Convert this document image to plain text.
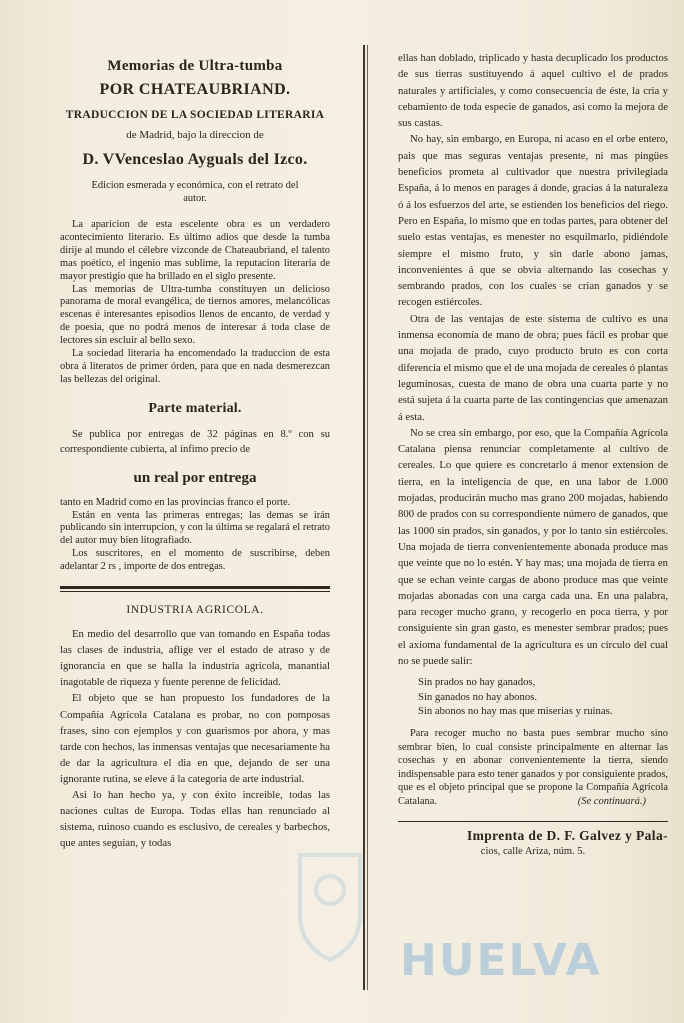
Memorias de Ultra-tumba
POR CHATEAUBRIAND.
TRADUCCION DE LA SOCIEDAD LITERARIA
de Madrid, bajo la direccion de
D. VVenceslao Ayguals del Izco.
Edicion esmerada y económica, con el retrato del autor.

La aparicion de esta escelente obra es un verdadero acontecimiento literario. Es último adios que desde la tumba dirije al mundo el célebre vizconde de Chateaubriand, el talento mas poético, el ingenio mas sublime, la reputacion literaria de mayor prestigio que ha brillado en el siglo presente.

Las memorias de Ultra-tumba constituyen un delicioso panorama de moral evangélica, de tiernos amores, melancólicas escenas é interesantes episodios llenos de encanto, de verdad y de poesia, que no podrá menos de interesar á toda clase de lectores sin escluir al bello sexo.

La sociedad literaria ha encomendado la traduccion de esta obra á literatos de primer órden, para que en nada desmerezcan las bellezas del original.

Parte material.

Se publica por entregas de 32 páginas en 8.º con su correspondiente cubierta, al ínfimo precio de

un real por entrega

tanto en Madrid como en las provincias franco el porte.

Están en venta las primeras entregas; las demas se irán publicando sin interrupcion, y con la última se regalará el retrato del autor muy bien litografiado.

Los suscritores, en el momento de suscribirse, deben adelantar 2 rs , importe de dos entregas.

INDUSTRIA AGRICOLA.

En medio del desarrollo que van tomando en España todas las clases de industria, aflige ver el estado de atraso y de ignorancia en que se halla la industria agrícola, manantial inagotable de riqueza y fuente perenne de felicidad.

El objeto que se han propuesto los fundadores de la Compañía Agrícola Catalana es probar, no con pomposas frases, sino con ejemplos y con guarismos por ahora, y mas tarde con hechos, las inmensas ventajas que necesariamente ha de dar la agricultura el dia en que, dejando de ser una ignorante rutina, se eleve á la categoria de arte industrial.

Asi lo han hecho ya, y con éxito increible, todas las naciones cultas de Europa. Todas ellas han renunciado al sistema, ruinoso cuando es esclusivo, de cereales y barbechos, que antes seguian, y todas

ellas han doblado, triplicado y hasta decuplicado los productos de sus tierras sustituyendo á aquel cultivo el de prados naturales y artificiales, y como consecuencia de éste, la cria y cebamiento de toda especie de ganados, asi como la mejora de sus castas.

No hay, sin embargo, en Europa, ni acaso en el orbe entero, pais que mas seguras ventajas presente, ni mas pingües beneficios prometa al cultivador que nuestra privilegiada España, á lo menos en parages á donde, gracias á la naturaleza ó á los esfuerzos del arte, se estienden los beneficios del riego. Pero en España, lo mismo que en todas partes, para obtener del suelo estas ventajas, es menester no esquilmarlo, pidiéndole siempre el mismo fruto, y sin darle abono jamas, inconvenientes á que se obvia alternando las cosechas y sembrando prados, con los cuales se crian ganados y se recogen estiércoles.

Otra de las ventajas de este sistema de cultivo es una inmensa economía de mano de obra; pues fácil es probar que una mojada de prado, cuyo producto bruto es con corta diferencia el mismo que el de una mojada de cereales ó plantas leguminosas, cuesta de mano de obra una cuarta parte y no está sujeta á la cuarta parte de las contingencias que amenazan á esta.

No se crea sin embargo, por eso, que la Compañía Agrícola Catalana piensa renunciar completamente al cultivo de cereales. Lo que quiere es concretarlo á menor extension de tierra, en la inteligencia de que, en una labor de 1.000 mojadas, producirán mucho mas grano 200 mojadas, habiendo 800 de prados con su correspondiente número de ganados, que las 1000 sin prados, sin ganados, y por lo tanto sin estiércoles. Una mojada de tierra convenientemente abonada produce mas que veinte que no lo estén. Y hay mas; una mojada de tierra en que se echan veinte cargas de abono produce mas que veinte mojadas abonadas con una carga cada una. En una palabra, para recoger mucho grano, y recogerlo en poca tierra, y por consiguiente sin gran gasto, es menester sembrar prados; pues el axioma fundamental de la agricultura es un círculo del cual no se puede salir:

Sin prados no hay ganados,
Sin ganados no hay abonos.
Sin abonos no hay mas que miserias y ruinas.

Para recoger mucho no basta pues sembrar mucho sino sembrar bien, lo cual consiste principalmente en alternar las cosechas y en abonar convenientemente la tierra, siendo indispensable para esto tener ganados y por consiguiente prados, que es el objeto principal que se propone la Compañía Agrícola Catalana.	(Se continuará.)
Imprenta de D. F. Galvez y Pala-
cios, calle Ariza, núm. 5.
HUELVA
